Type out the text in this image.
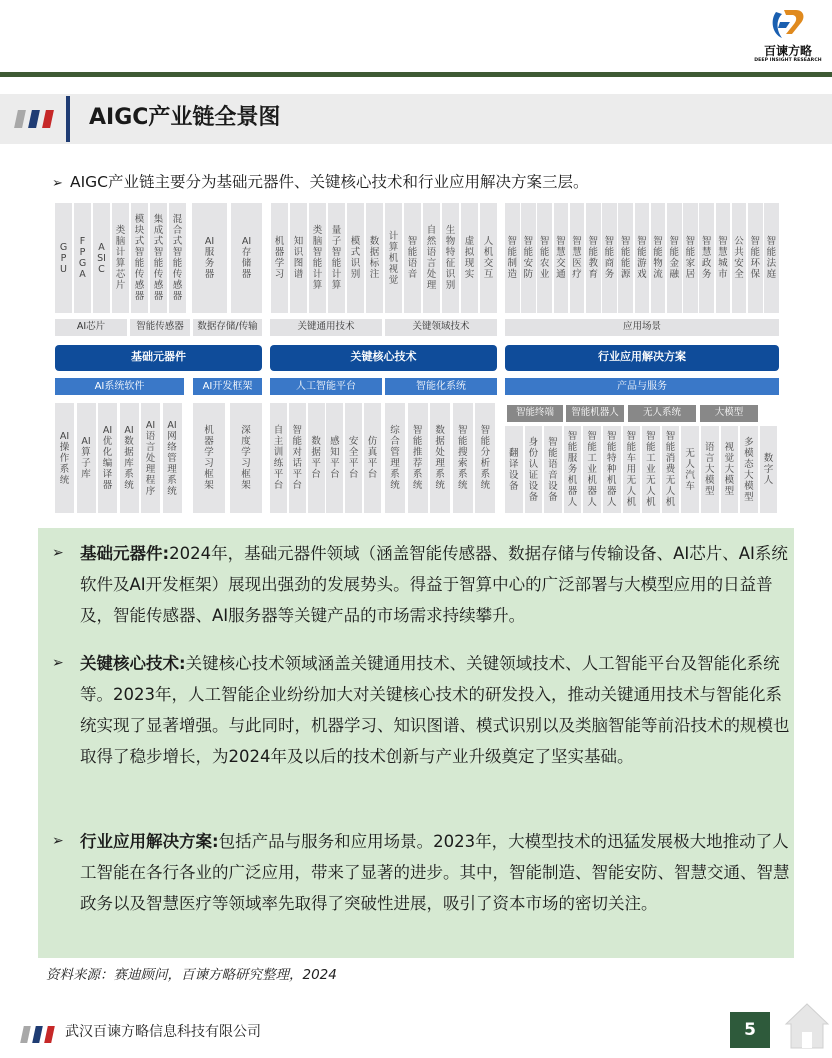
百谏方略
DEEP INSIGHT RESEARCH
AIGC产业链全景图
➢ AIGC产业链主要分为基础元器件、关键核心技术和行业应用解决方案三层。
GPU
FPGA
ASIC
类脑计算芯片
模块式智能传感器
集成式智能传感器
混合式智能传感器
AI服务器
AI存储器
机器学习
知识图谱
类脑智能计算
量子智能计算
模式识别
数据标注
计算机视觉
智能语音
自然语言处理
生物特征识别
虚拟现实
人机交互
智能制造
智能安防
智能农业
智慧交通
智慧医疗
智能教育
智能商务
智能能源
智能游戏
智能物流
智能金融
智能家居
智慧政务
智慧城市
公共安全
智能环保
智能法庭
AI芯片	智能传感器	数据存储/传输	关键通用技术	关键领域技术	应用场景
基础元器件	关键核心技术	行业应用解决方案
AI系统软件	AI开发框架	人工智能平台	智能化系统	产品与服务
智能终端	智能机器人	无人系统	大模型
AI操作系统
AI算子库
AI优化编译器
AI数据库系统
AI语言处理程序
AI网络管理系统
机器学习框架
深度学习框架
自主训练平台
智能对话平台
数据平台
感知平台
安全平台
仿真平台
综合管理系统
智能推荐系统
数据处理系统
智能搜索系统
智能分析系统
翻译设备
身份认证设备
智能语音设备
智能服务机器人
智能工业机器人
智能特种机器人
智能车用无人机
智能工业无人机
智能消费无人机
无人汽车
语言大模型
视觉大模型
多模态大模型
数字人
➢ 基础元器件:2024年，基础元器件领域（涵盖智能传感器、数据存储与传输设备、AI芯片、AI系统软件及AI开发框架）展现出强劲的发展势头。得益于智算中心的广泛部署与大模型应用的日益普及，智能传感器、AI服务器等关键产品的市场需求持续攀升。
➢ 关键核心技术:关键核心技术领域涵盖关键通用技术、关键领域技术、人工智能平台及智能化系统等。2023年，人工智能企业纷纷加大对关键核心技术的研发投入，推动关键通用技术与智能化系统实现了显著增强。与此同时，机器学习、知识图谱、模式识别以及类脑智能等前沿技术的规模也取得了稳步增长，为2024年及以后的技术创新与产业升级奠定了坚实基础。
➢ 行业应用解决方案:包括产品与服务和应用场景。2023年，大模型技术的迅猛发展极大地推动了人工智能在各行各业的广泛应用，带来了显著的进步。其中，智能制造、智能安防、智慧交通、智慧政务以及智慧医疗等领域率先取得了突破性进展，吸引了资本市场的密切关注。
资料来源：赛迪顾问，百谏方略研究整理，2024
武汉百谏方略信息科技有限公司	5
